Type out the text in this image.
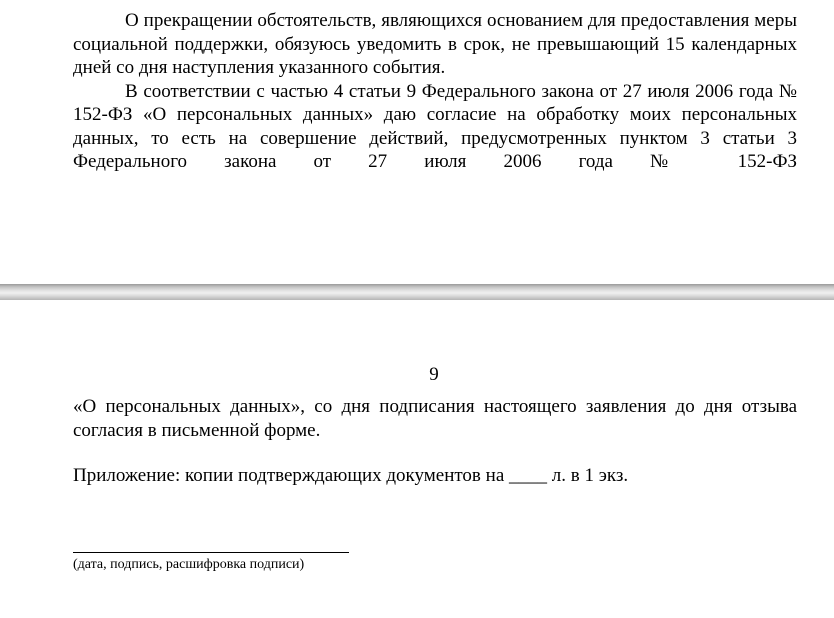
О прекращении обстоятельств, являющихся основанием для предоставления меры социальной поддержки, обязуюсь уведомить в срок, не превышающий 15 календарных дней со дня наступления указанного события.

В соответствии с частью 4 статьи 9 Федерального закона от 27 июля 2006 года № 152-ФЗ «О персональных данных» даю согласие на обработку моих персональных данных, то есть на совершение действий, предусмотренных пунктом 3 статьи 3 Федерального закона от 27 июля 2006 года № 152-ФЗ

9

«О персональных данных», со дня подписания настоящего заявления до дня отзыва согласия в письменной форме.

Приложение: копии подтверждающих документов на ____ л. в 1 экз.
(дата, подпись, расшифровка подписи)
